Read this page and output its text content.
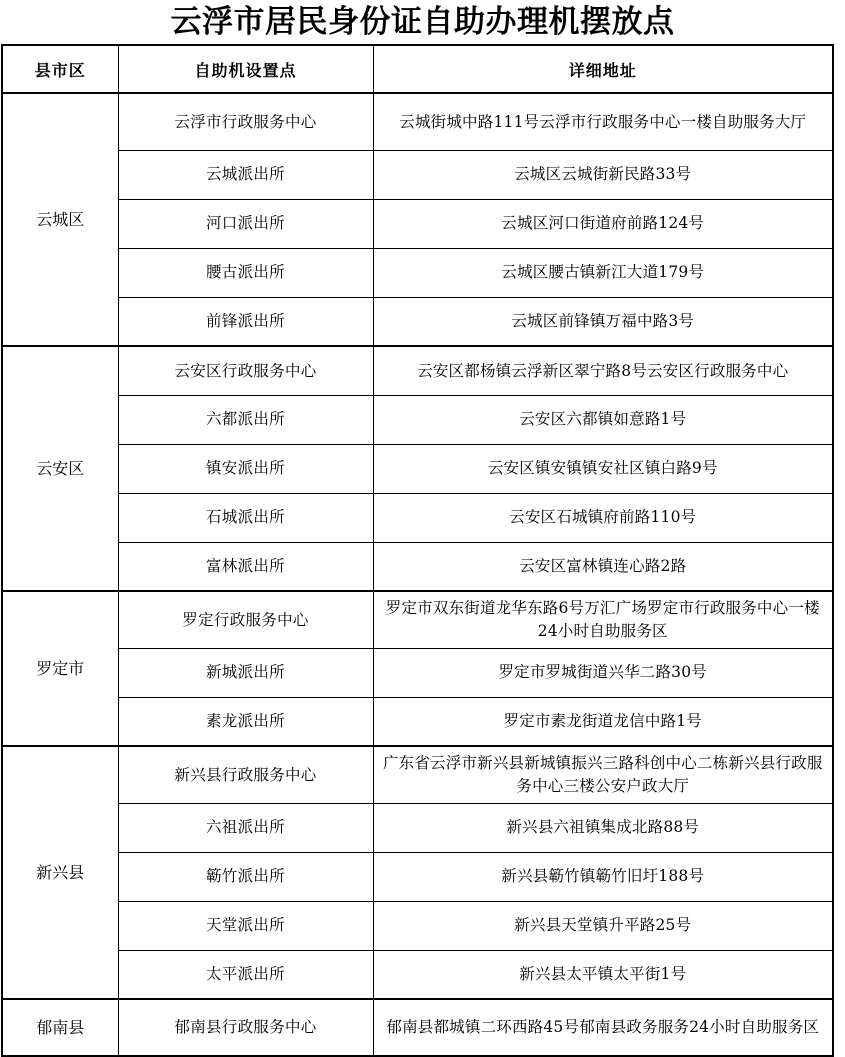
云浮市居民身份证自助办理机摆放点
县市区	自助机设置点	详细地址
云城区	云浮市行政服务中心	云城街城中路111号云浮市行政服务中心一楼自助服务大厅
	云城派出所	云城区云城街新民路33号
	河口派出所	云城区河口街道府前路124号
	腰古派出所	云城区腰古镇新江大道179号
	前锋派出所	云城区前锋镇万福中路3号
云安区	云安区行政服务中心	云安区都杨镇云浮新区翠宁路8号云安区行政服务中心
	六都派出所	云安区六都镇如意路1号
	镇安派出所	云安区镇安镇镇安社区镇白路9号
	石城派出所	云安区石城镇府前路110号
	富林派出所	云安区富林镇连心路2路
罗定市	罗定行政服务中心	罗定市双东街道龙华东路6号万汇广场罗定市行政服务中心一楼24小时自助服务区
	新城派出所	罗定市罗城街道兴华二路30号
	素龙派出所	罗定市素龙街道龙信中路1号
新兴县	新兴县行政服务中心	广东省云浮市新兴县新城镇振兴三路科创中心二栋新兴县行政服务中心三楼公安户政大厅
	六祖派出所	新兴县六祖镇集成北路88号
	簕竹派出所	新兴县簕竹镇簕竹旧圩188号
	天堂派出所	新兴县天堂镇升平路25号
	太平派出所	新兴县太平镇太平街1号
郁南县	郁南县行政服务中心	郁南县都城镇二环西路45号郁南县政务服务24小时自助服务区
